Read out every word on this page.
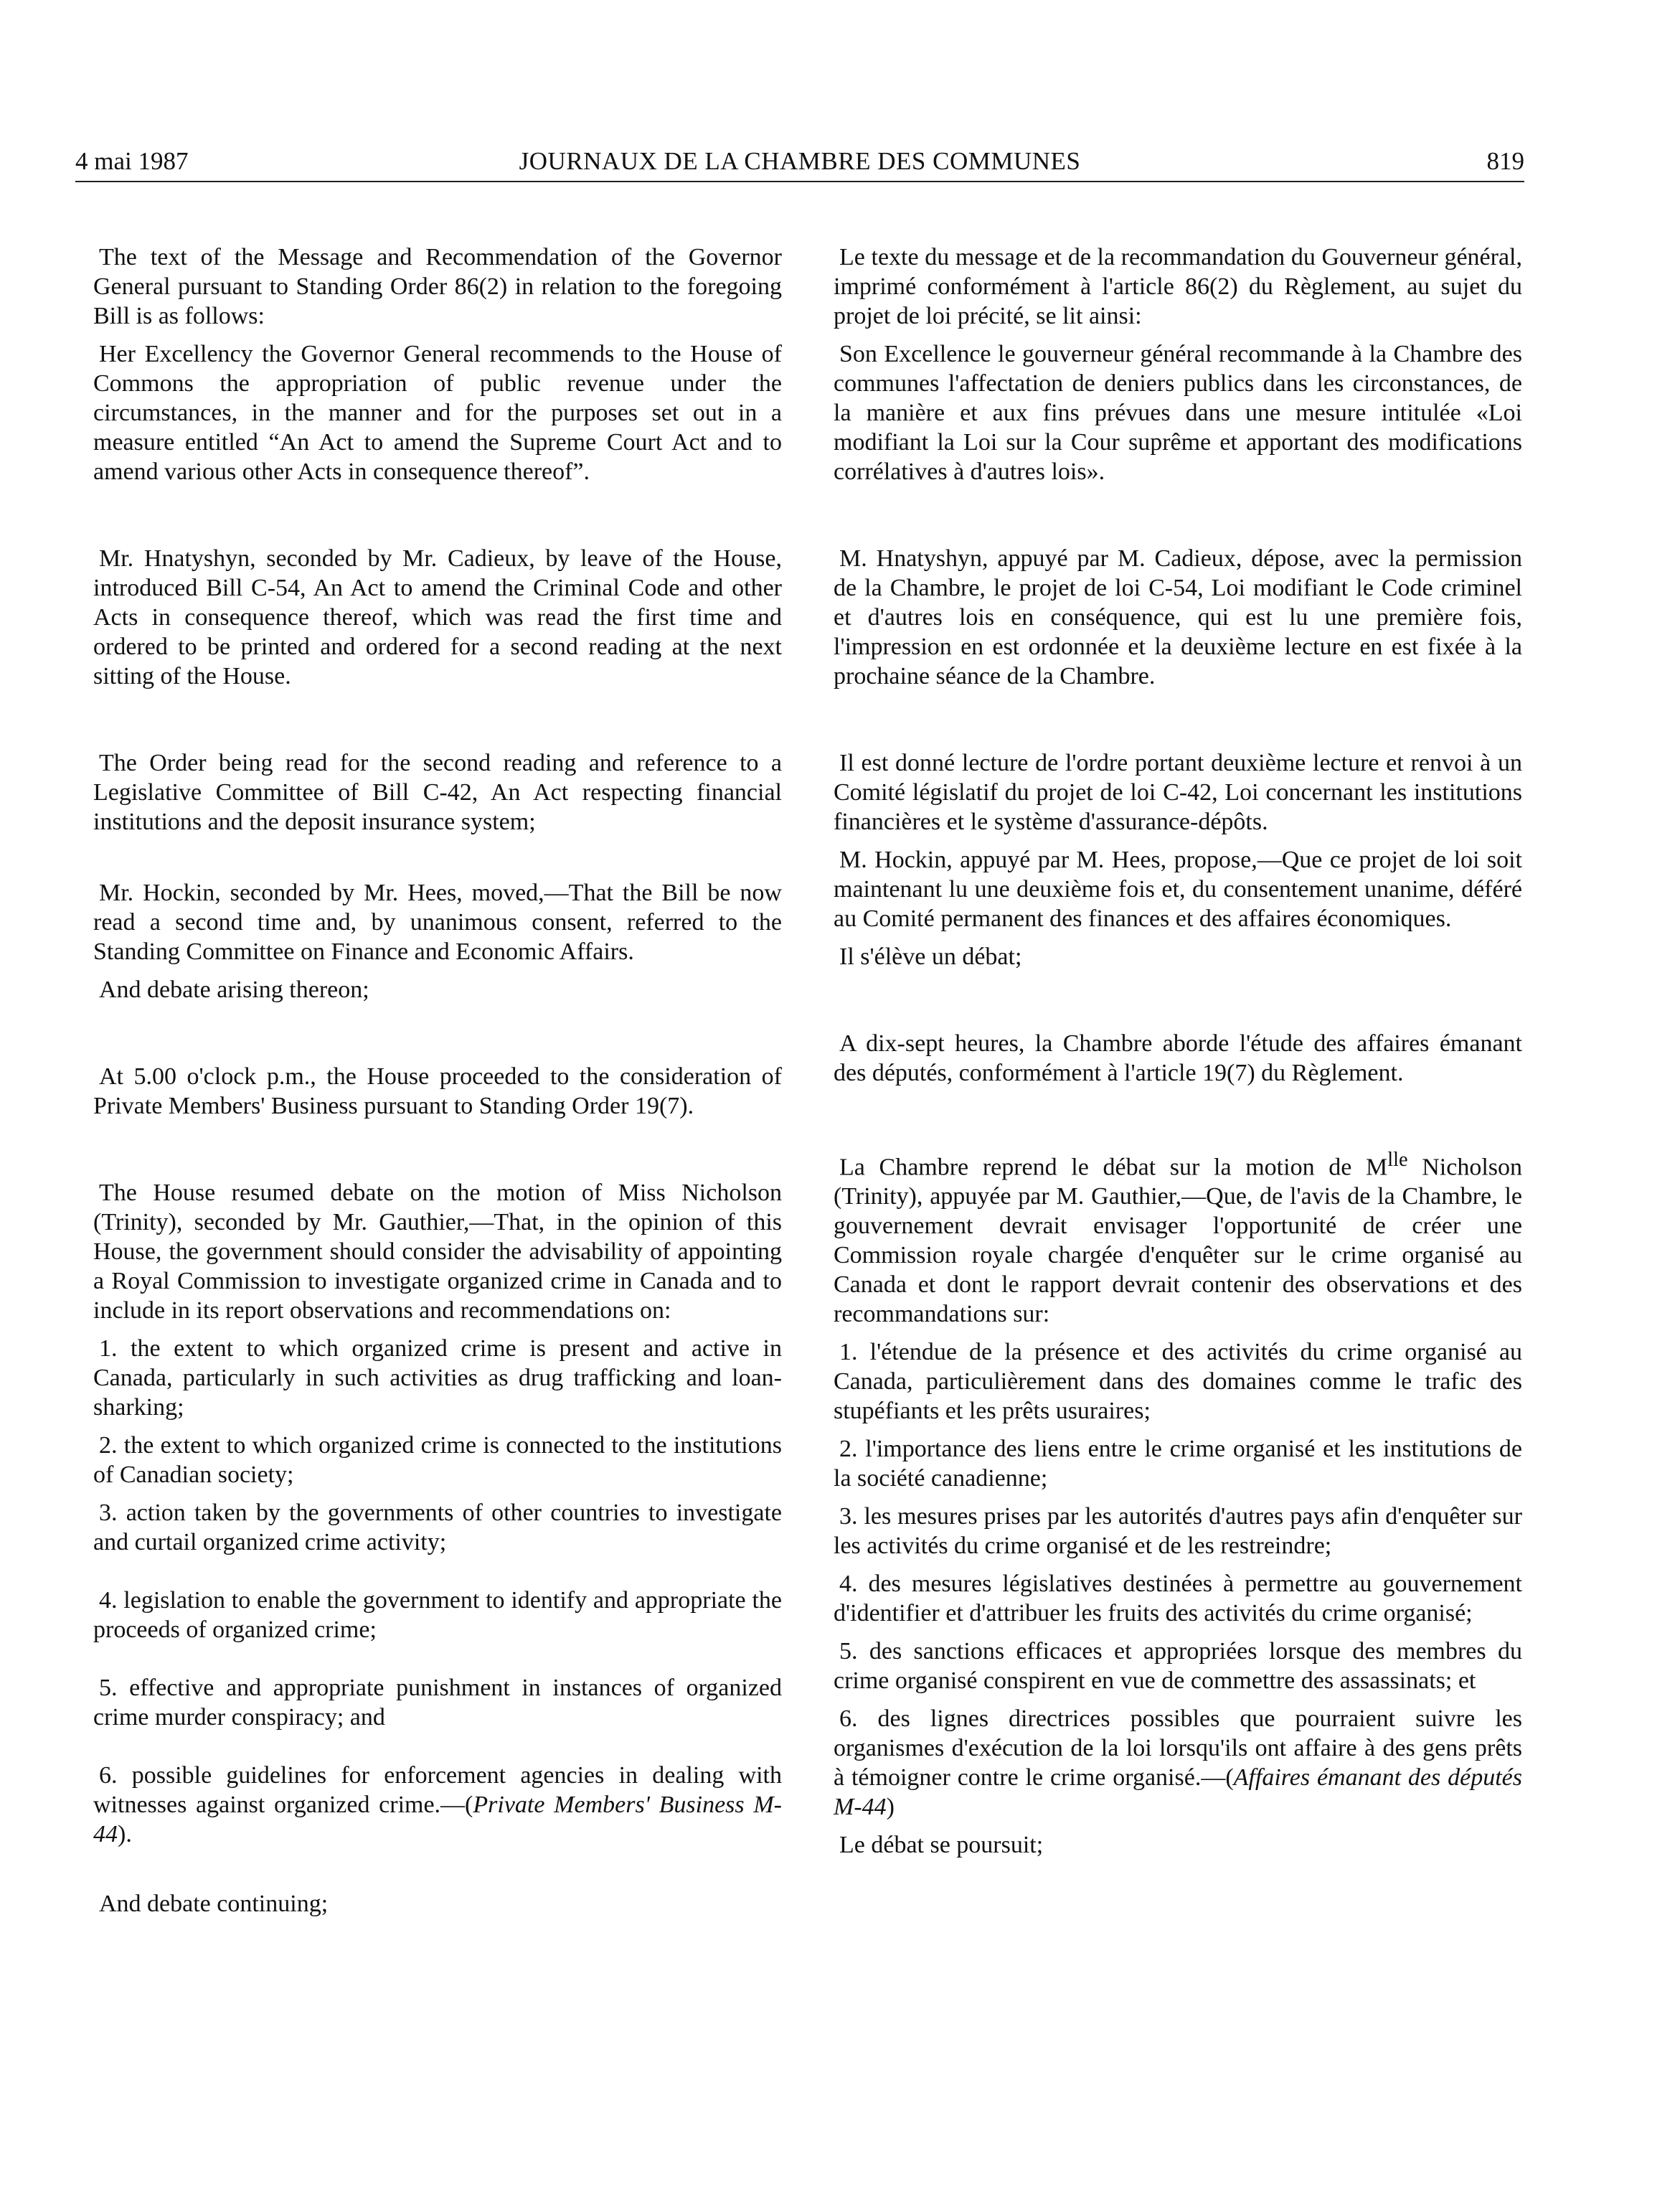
4 mai 1987	JOURNAUX DE LA CHAMBRE DES COMMUNES	819

The text of the Message and Recommendation of the Governor General pursuant to Standing Order 86(2) in relation to the foregoing Bill is as follows:

Her Excellency the Governor General recommends to the House of Commons the appropriation of public revenue under the circumstances, in the manner and for the purposes set out in a measure entitled “An Act to amend the Supreme Court Act and to amend various other Acts in consequence thereof”.

Mr. Hnatyshyn, seconded by Mr. Cadieux, by leave of the House, introduced Bill C-54, An Act to amend the Criminal Code and other Acts in consequence thereof, which was read the first time and ordered to be printed and ordered for a second reading at the next sitting of the House.

The Order being read for the second reading and reference to a Legislative Committee of Bill C-42, An Act respecting financial institutions and the deposit insurance system;

Mr. Hockin, seconded by Mr. Hees, moved,—That the Bill be now read a second time and, by unanimous consent, referred to the Standing Committee on Finance and Economic Affairs.

And debate arising thereon;

At 5.00 o'clock p.m., the House proceeded to the consideration of Private Members' Business pursuant to Standing Order 19(7).

The House resumed debate on the motion of Miss Nicholson (Trinity), seconded by Mr. Gauthier,—That, in the opinion of this House, the government should consider the advisability of appointing a Royal Commission to investigate organized crime in Canada and to include in its report observations and recommendations on:

1. the extent to which organized crime is present and active in Canada, particularly in such activities as drug trafficking and loan-sharking;

2. the extent to which organized crime is connected to the institutions of Canadian society;

3. action taken by the governments of other countries to investigate and curtail organized crime activity;

4. legislation to enable the government to identify and appropriate the proceeds of organized crime;

5. effective and appropriate punishment in instances of organized crime murder conspiracy; and

6. possible guidelines for enforcement agencies in dealing with witnesses against organized crime.—(Private Members' Business M-44).

And debate continuing;

Le texte du message et de la recommandation du Gouverneur général, imprimé conformément à l'article 86(2) du Règlement, au sujet du projet de loi précité, se lit ainsi:

Son Excellence le gouverneur général recommande à la Chambre des communes l'affectation de deniers publics dans les circonstances, de la manière et aux fins prévues dans une mesure intitulée «Loi modifiant la Loi sur la Cour suprême et apportant des modifications corrélatives à d'autres lois».

M. Hnatyshyn, appuyé par M. Cadieux, dépose, avec la permission de la Chambre, le projet de loi C-54, Loi modifiant le Code criminel et d'autres lois en conséquence, qui est lu une première fois, l'impression en est ordonnée et la deuxième lecture en est fixée à la prochaine séance de la Chambre.

Il est donné lecture de l'ordre portant deuxième lecture et renvoi à un Comité législatif du projet de loi C-42, Loi concernant les institutions financières et le système d'assurance-dépôts.

M. Hockin, appuyé par M. Hees, propose,—Que ce projet de loi soit maintenant lu une deuxième fois et, du consentement unanime, déféré au Comité permanent des finances et des affaires économiques.

Il s'élève un débat;

A dix-sept heures, la Chambre aborde l'étude des affaires émanant des députés, conformément à l'article 19(7) du Règlement.

La Chambre reprend le débat sur la motion de $M^{lle}$ Nicholson (Trinity), appuyée par M. Gauthier,—Que, de l'avis de la Chambre, le gouvernement devrait envisager l'opportunité de créer une Commission royale chargée d'enquêter sur le crime organisé au Canada et dont le rapport devrait contenir des observations et des recommandations sur:

1. l'étendue de la présence et des activités du crime organisé au Canada, particulièrement dans des domaines comme le trafic des stupéfiants et les prêts usuraires;

2. l'importance des liens entre le crime organisé et les institutions de la société canadienne;

3. les mesures prises par les autorités d'autres pays afin d'enquêter sur les activités du crime organisé et de les restreindre;

4. des mesures législatives destinées à permettre au gouvernement d'identifier et d'attribuer les fruits des activités du crime organisé;

5. des sanctions efficaces et appropriées lorsque des membres du crime organisé conspirent en vue de commettre des assassinats; et

6. des lignes directrices possibles que pourraient suivre les organismes d'exécution de la loi lorsqu'ils ont affaire à des gens prêts à témoigner contre le crime organisé.—(Affaires émanant des députés M-44)

Le débat se poursuit;
